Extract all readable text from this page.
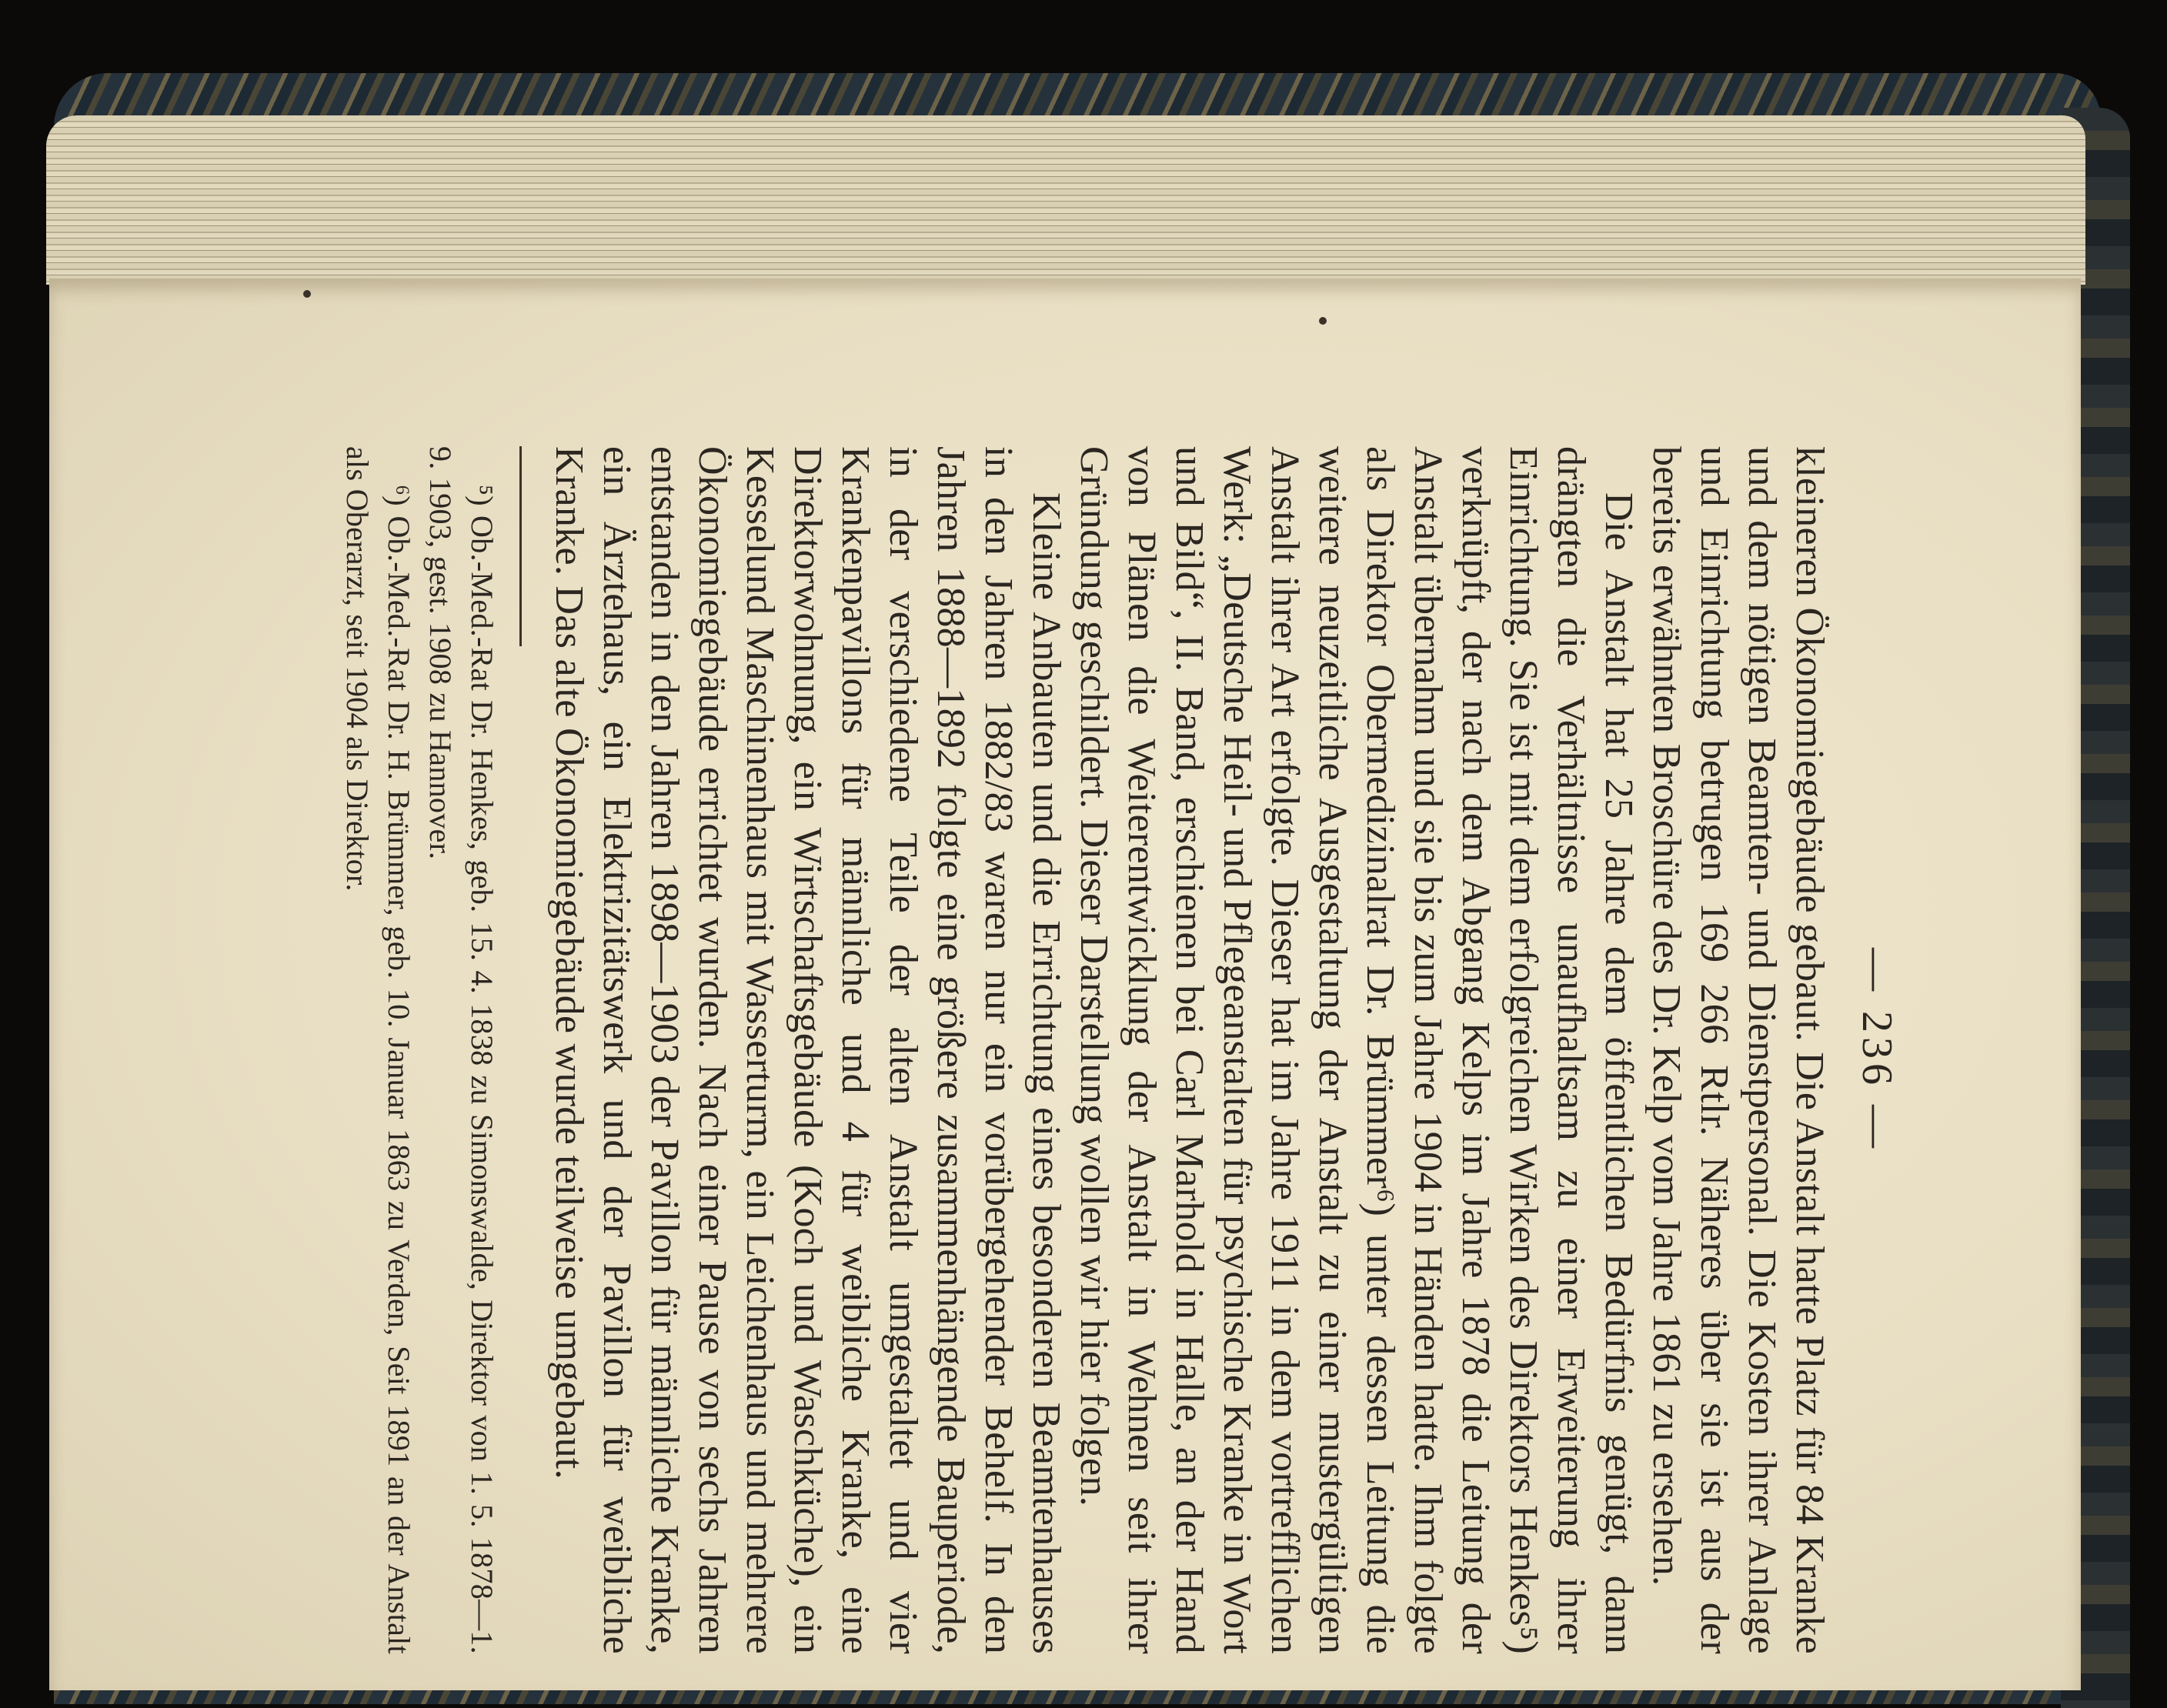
— 236 —

kleineren Ökonomiegebäude gebaut. Die Anstalt hatte Platz für 84 Kranke und dem nötigen Beamten- und Dienstpersonal. Die Kosten ihrer Anlage und Einrichtung betrugen 169 266 Rtlr. Näheres über sie ist aus der bereits erwähnten Broschüre des Dr. Kelp vom Jahre 1861 zu ersehen.

Die Anstalt hat 25 Jahre dem öffentlichen Bedürfnis genügt, dann drängten die Verhältnisse unaufhaltsam zu einer Erweiterung ihrer Einrichtung. Sie ist mit dem erfolgreichen Wirken des Direktors Henkes⁵) verknüpft, der nach dem Abgang Kelps im Jahre 1878 die Leitung der Anstalt übernahm und sie bis zum Jahre 1904 in Händen hatte. Ihm folgte als Direktor Obermedizinalrat Dr. Brümmer⁶) unter dessen Leitung die weitere neuzeitliche Ausgestaltung der Anstalt zu einer mustergültigen Anstalt ihrer Art erfolgte. Dieser hat im Jahre 1911 in dem vortrefflichen Werk: „Deutsche Heil- und Pflegeanstalten für psychische Kranke in Wort und Bild“, II. Band, erschienen bei Carl Marhold in Halle, an der Hand von Plänen die Weiterentwicklung der Anstalt in Wehnen seit ihrer Gründung geschildert. Dieser Darstellung wollen wir hier folgen.

Kleine Anbauten und die Errichtung eines besonderen Beamtenhauses in den Jahren 1882/83 waren nur ein vorübergehender Behelf. In den Jahren 1888—1892 folgte eine größere zusammenhängende Bauperiode, in der verschiedene Teile der alten Anstalt umgestaltet und vier Krankenpavillons für männliche und 4 für weibliche Kranke, eine Direktorwohnung, ein Wirtschaftsgebäude (Koch und Waschküche), ein Kesselund Maschinenhaus mit Wasserturm, ein Leichenhaus und mehrere Ökonomiegebäude errichtet wurden. Nach einer Pause von sechs Jahren entstanden in den Jahren 1898—1903 der Pavillon für männliche Kranke, ein Ärztehaus, ein Elektrizitätswerk und der Pavillon für weibliche Kranke. Das alte Ökonomiegebäude wurde teilweise umgebaut.

⁵) Ob.-Med.-Rat Dr. Henkes, geb. 15. 4. 1838 zu Simonswalde, Direktor von 1. 5. 1878—1. 9. 1903, gest. 1908 zu Hannover.

⁶) Ob.-Med.-Rat Dr. H. Brümmer, geb. 10. Januar 1863 zu Verden, Seit 1891 an der Anstalt als Oberarzt, seit 1904 als Direktor.
